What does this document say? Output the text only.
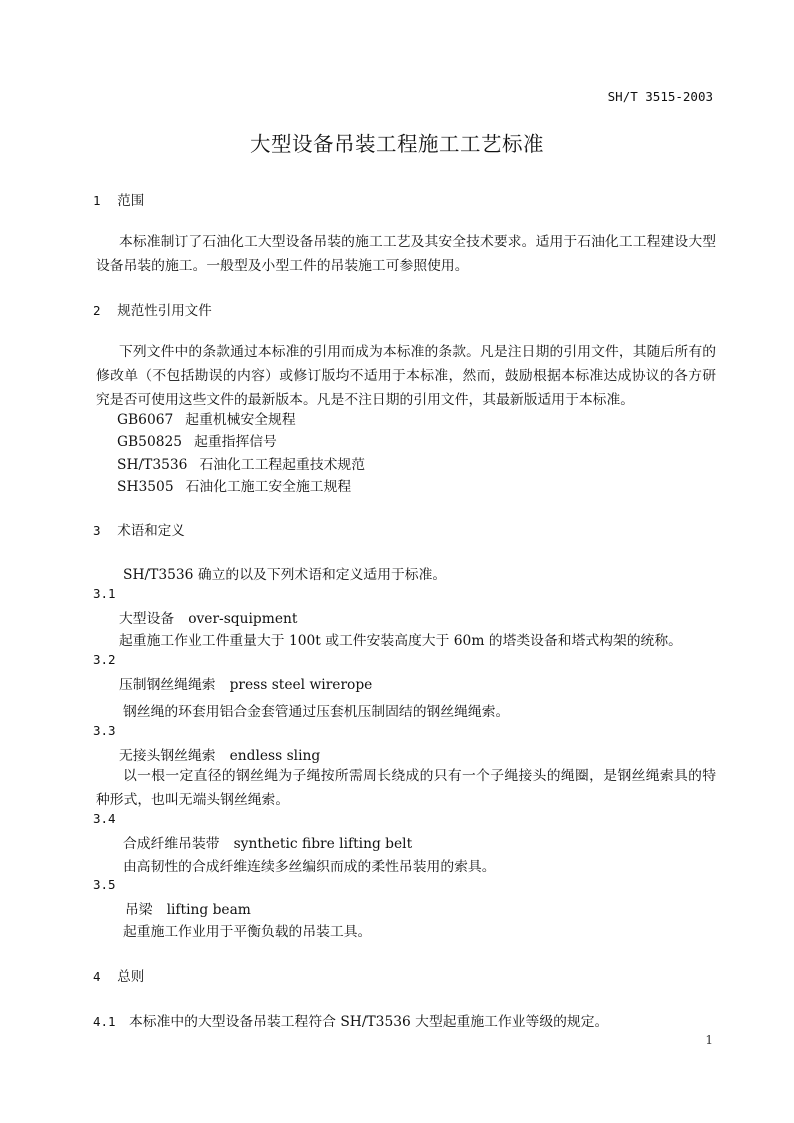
SH/T 3515-2003
大型设备吊装工程施工工艺标准
1 范围
本标准制订了石油化工大型设备吊装的施工工艺及其安全技术要求。适用于石油化工工程建设大型设备吊装的施工。一般型及小型工件的吊装施工可参照使用。
2 规范性引用文件
下列文件中的条款通过本标准的引用而成为本标准的条款。凡是注日期的引用文件，其随后所有的修改单（不包括勘误的内容）或修订版均不适用于本标准，然而，鼓励根据本标准达成协议的各方研究是否可使用这些文件的最新版本。凡是不注日期的引用文件，其最新版适用于本标准。
GB6067 起重机械安全规程
GB50825 起重指挥信号
SH/T3536 石油化工工程起重技术规范
SH3505 石油化工施工安全施工规程
3 术语和定义
SH/T3536 确立的以及下列术语和定义适用于标准。
3.1
大型设备 over-squipment
起重施工作业工件重量大于 100t 或工件安装高度大于 60m 的塔类设备和塔式构架的统称。
3.2
压制钢丝绳绳索 press steel wirerope
钢丝绳的环套用铝合金套管通过压套机压制固结的钢丝绳绳索。
3.3
无接头钢丝绳索 endless sling
以一根一定直径的钢丝绳为子绳按所需周长绕成的只有一个子绳接头的绳圈，是钢丝绳索具的特种形式，也叫无端头钢丝绳索。
3.4
合成纤维吊装带 synthetic fibre lifting belt
由高韧性的合成纤维连续多丝编织而成的柔性吊装用的索具。
3.5
吊梁 lifting beam
起重施工作业用于平衡负载的吊装工具。
4 总则
4.1 本标准中的大型设备吊装工程符合 SH/T3536 大型起重施工作业等级的规定。
1
